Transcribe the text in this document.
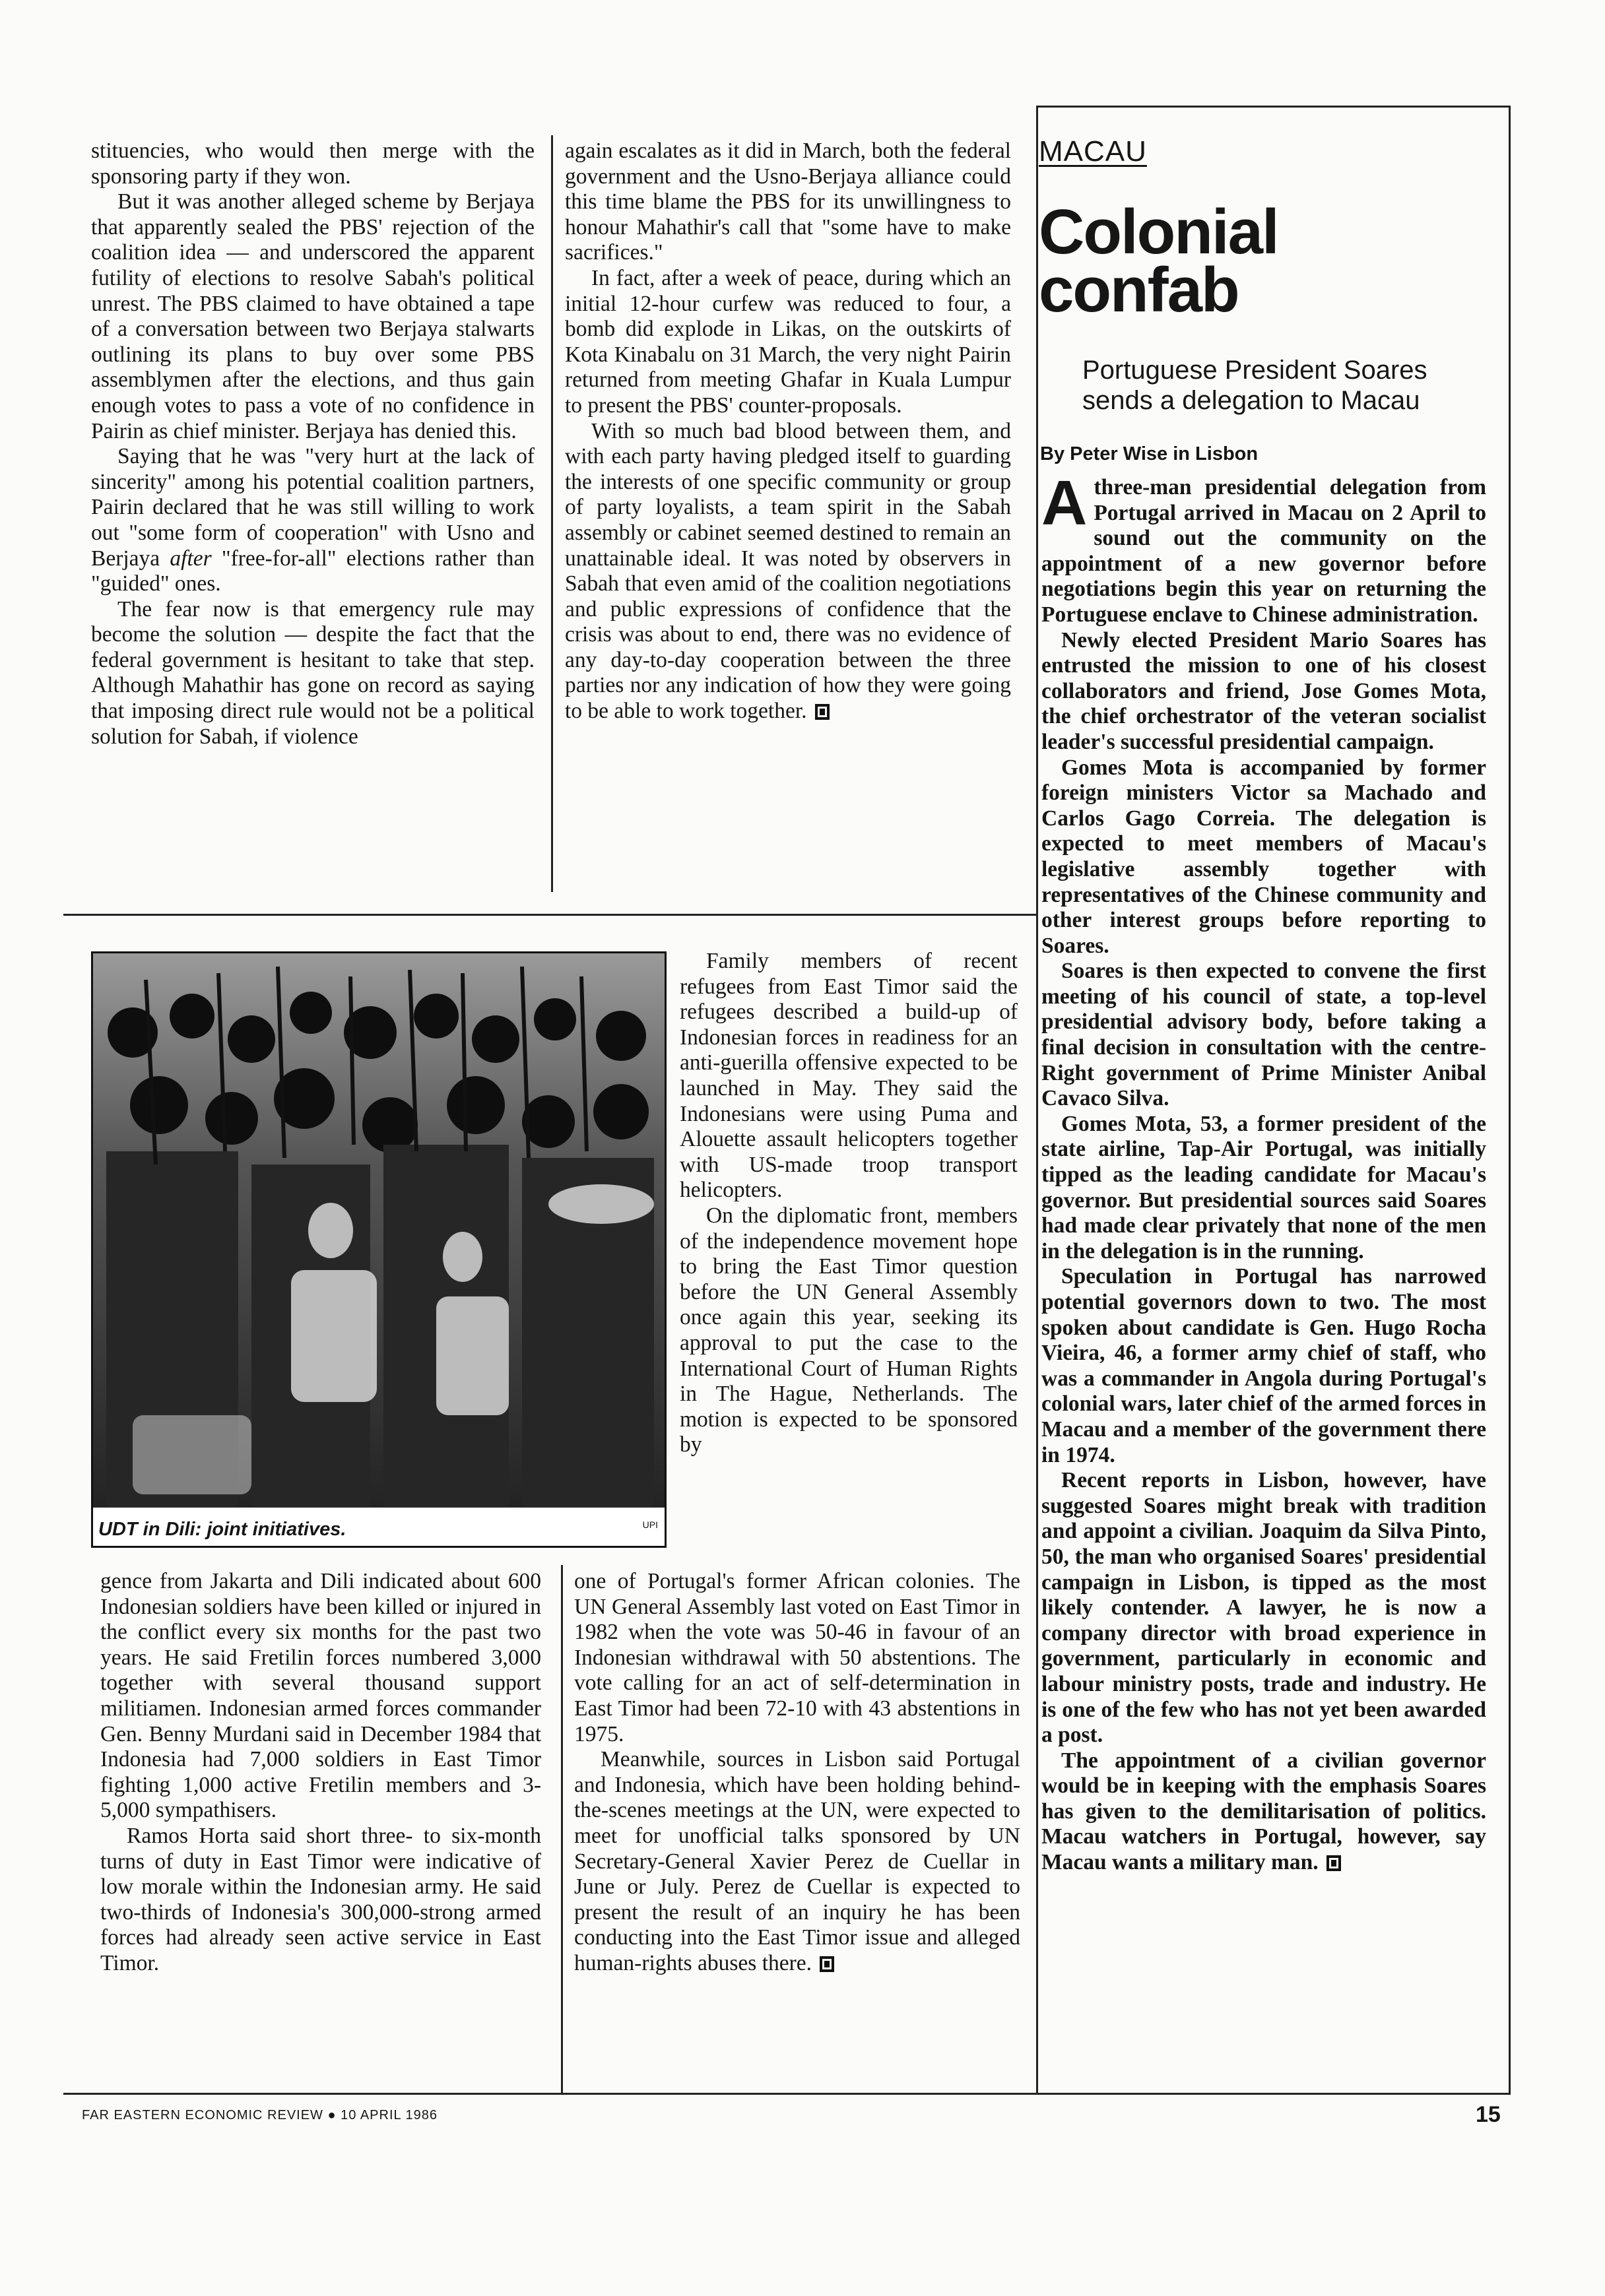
stituencies, who would then merge with the sponsoring party if they won.

But it was another alleged scheme by Berjaya that apparently sealed the PBS' rejection of the coalition idea — and underscored the apparent futility of elections to resolve Sabah's political unrest. The PBS claimed to have obtained a tape of a conversation between two Berjaya stalwarts outlining its plans to buy over some PBS assemblymen after the elections, and thus gain enough votes to pass a vote of no confidence in Pairin as chief minister. Berjaya has denied this.

Saying that he was "very hurt at the lack of sincerity" among his potential coalition partners, Pairin declared that he was still willing to work out "some form of cooperation" with Usno and Berjaya after "free-for-all" elections rather than "guided" ones.

The fear now is that emergency rule may become the solution — despite the fact that the federal government is hesitant to take that step. Although Mahathir has gone on record as saying that imposing direct rule would not be a political solution for Sabah, if violence

again escalates as it did in March, both the federal government and the Usno-Berjaya alliance could this time blame the PBS for its unwillingness to honour Mahathir's call that "some have to make sacrifices."

In fact, after a week of peace, during which an initial 12-hour curfew was reduced to four, a bomb did explode in Likas, on the outskirts of Kota Kinabalu on 31 March, the very night Pairin returned from meeting Ghafar in Kuala Lumpur to present the PBS' counter-proposals.

With so much bad blood between them, and with each party having pledged itself to guarding the interests of one specific community or group of party loyalists, a team spirit in the Sabah assembly or cabinet seemed destined to remain an unattainable ideal. It was noted by observers in Sabah that even amid of the coalition negotiations and public expressions of confidence that the crisis was about to end, there was no evidence of any day-to-day cooperation between the three parties nor any indication of how they were going to be able to work together.

UDT in Dili: joint initiatives.	UPI

Family members of recent refugees from East Timor said the refugees described a build-up of Indonesian forces in readiness for an anti-guerilla offensive expected to be launched in May. They said the Indonesians were using Puma and Alouette assault helicopters together with US-made troop transport helicopters.

On the diplomatic front, members of the independence movement hope to bring the East Timor question before the UN General Assembly once again this year, seeking its approval to put the case to the International Court of Human Rights in The Hague, Netherlands. The motion is expected to be sponsored by

gence from Jakarta and Dili indicated about 600 Indonesian soldiers have been killed or injured in the conflict every six months for the past two years. He said Fretilin forces numbered 3,000 together with several thousand support militiamen. Indonesian armed forces commander Gen. Benny Murdani said in December 1984 that Indonesia had 7,000 soldiers in East Timor fighting 1,000 active Fretilin members and 3-5,000 sympathisers.

Ramos Horta said short three- to six-month turns of duty in East Timor were indicative of low morale within the Indonesian army. He said two-thirds of Indonesia's 300,000-strong armed forces had already seen active service in East Timor.

one of Portugal's former African colonies. The UN General Assembly last voted on East Timor in 1982 when the vote was 50-46 in favour of an Indonesian withdrawal with 50 abstentions. The vote calling for an act of self-determination in East Timor had been 72-10 with 43 abstentions in 1975.

Meanwhile, sources in Lisbon said Portugal and Indonesia, which have been holding behind-the-scenes meetings at the UN, were expected to meet for unofficial talks sponsored by UN Secretary-General Xavier Perez de Cuellar in June or July. Perez de Cuellar is expected to present the result of an inquiry he has been conducting into the East Timor issue and alleged human-rights abuses there.

MACAU
Colonial
confab
Portuguese President Soares sends a delegation to Macau
By Peter Wise in Lisbon

Athree-man presidential delegation from Portugal arrived in Macau on 2 April to sound out the community on the appointment of a new governor before negotiations begin this year on returning the Portuguese enclave to Chinese administration.

Newly elected President Mario Soares has entrusted the mission to one of his closest collaborators and friend, Jose Gomes Mota, the chief orchestrator of the veteran socialist leader's successful presidential campaign.

Gomes Mota is accompanied by former foreign ministers Victor sa Machado and Carlos Gago Correia. The delegation is expected to meet members of Macau's legislative assembly together with representatives of the Chinese community and other interest groups before reporting to Soares.

Soares is then expected to convene the first meeting of his council of state, a top-level presidential advisory body, before taking a final decision in consultation with the centre-Right government of Prime Minister Anibal Cavaco Silva.

Gomes Mota, 53, a former president of the state airline, Tap-Air Portugal, was initially tipped as the leading candidate for Macau's governor. But presidential sources said Soares had made clear privately that none of the men in the delegation is in the running.

Speculation in Portugal has narrowed potential governors down to two. The most spoken about candidate is Gen. Hugo Rocha Vieira, 46, a former army chief of staff, who was a commander in Angola during Portugal's colonial wars, later chief of the armed forces in Macau and a member of the government there in 1974.

Recent reports in Lisbon, however, have suggested Soares might break with tradition and appoint a civilian. Joaquim da Silva Pinto, 50, the man who organised Soares' presidential campaign in Lisbon, is tipped as the most likely contender. A lawyer, he is now a company director with broad experience in government, particularly in economic and labour ministry posts, trade and industry. He is one of the few who has not yet been awarded a post.

The appointment of a civilian governor would be in keeping with the emphasis Soares has given to the demilitarisation of politics. Macau watchers in Portugal, however, say Macau wants a military man.

FAR EASTERN ECONOMIC REVIEW ● 10 APRIL 1986	15
